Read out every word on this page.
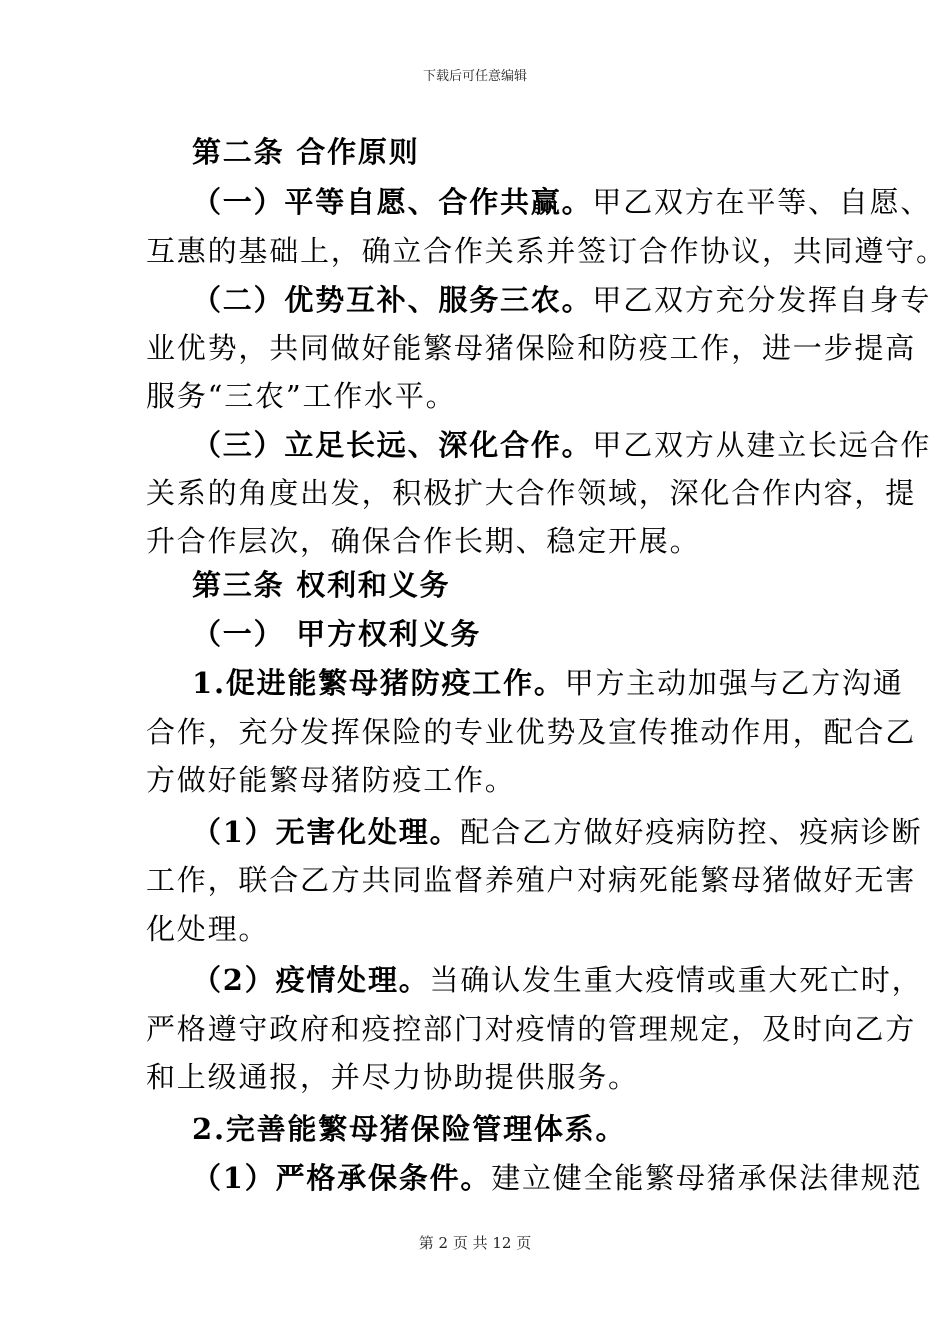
下载后可任意编辑
第二条 合作原则
（一）平等自愿、合作共赢。甲乙双方在平等、自愿、
互惠的基础上，确立合作关系并签订合作协议，共同遵守。
（二）优势互补、服务三农。甲乙双方充分发挥自身专
业优势，共同做好能繁母猪保险和防疫工作，进一步提高
服务“三农”工作水平。
（三）立足长远、深化合作。甲乙双方从建立长远合作
关系的角度出发，积极扩大合作领域，深化合作内容，提
升合作层次，确保合作长期、稳定开展。
第三条 权利和义务
（一） 甲方权利义务
1.促进能繁母猪防疫工作。甲方主动加强与乙方沟通
合作，充分发挥保险的专业优势及宣传推动作用，配合乙
方做好能繁母猪防疫工作。
（1）无害化处理。配合乙方做好疫病防控、疫病诊断
工作，联合乙方共同监督养殖户对病死能繁母猪做好无害
化处理。
（2）疫情处理。当确认发生重大疫情或重大死亡时，
严格遵守政府和疫控部门对疫情的管理规定，及时向乙方
和上级通报，并尽力协助提供服务。
2.完善能繁母猪保险管理体系。
（1）严格承保条件。建立健全能繁母猪承保法律规范
第 2 页 共 12 页
